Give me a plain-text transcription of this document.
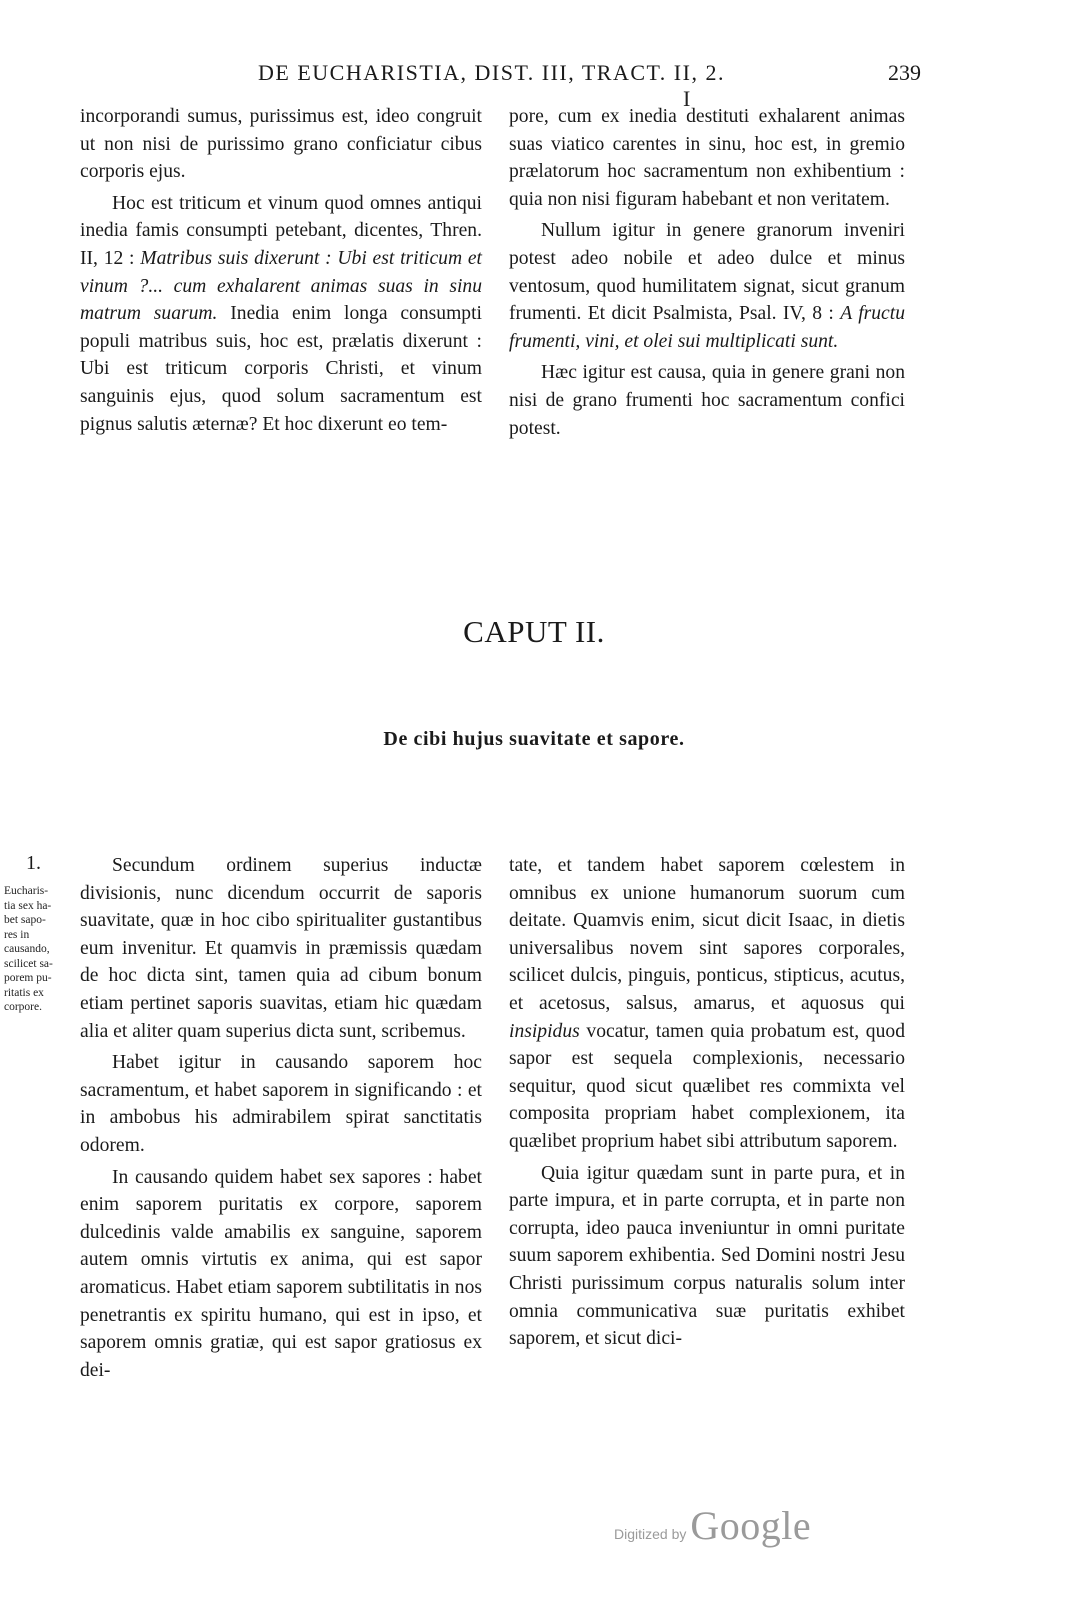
DE EUCHARISTIA, DIST. III, TRACT. II, 2.
I
239

incorporandi sumus, purissimus est, ideo congruit ut non nisi de purissimo grano conficiatur cibus corporis ejus.

Hoc est triticum et vinum quod omnes antiqui inedia famis consumpti petebant, dicentes, Thren. II, 12 : Matribus suis dixerunt : Ubi est triticum et vinum ?... cum exhalarent animas suas in sinu matrum suarum. Inedia enim longa consumpti populi matribus suis, hoc est, prælatis dixerunt : Ubi est triticum corporis Christi, et vinum sanguinis ejus, quod solum sacramentum est pignus salutis æternæ? Et hoc dixerunt eo tem-

pore, cum ex inedia destituti exhalarent animas suas viatico carentes in sinu, hoc est, in gremio prælatorum hoc sacramentum non exhibentium : quia non nisi figuram habebant et non veritatem.

Nullum igitur in genere granorum inveniri potest adeo nobile et adeo dulce et minus ventosum, quod humilitatem signat, sicut granum frumenti. Et dicit Psalmista, Psal. IV, 8 : A fructu frumenti, vini, et olei sui multiplicati sunt.

Hæc igitur est causa, quia in genere grani non nisi de grano frumenti hoc sacramentum confici potest.

CAPUT II.
De cibi hujus suavitate et sapore.
1.
Eucharis-
tia sex ha-
bet sapo-
res in
causando,
scilicet sa-
porem pu-
ritatis ex
corpore.

Secundum ordinem superius inductæ divisionis, nunc dicendum occurrit de saporis suavitate, quæ in hoc cibo spiritualiter gustantibus eum invenitur. Et quamvis in præmissis quædam de hoc dicta sint, tamen quia ad cibum bonum etiam pertinet saporis suavitas, etiam hic quædam alia et aliter quam superius dicta sunt, scribemus.

Habet igitur in causando saporem hoc sacramentum, et habet saporem in significando : et in ambobus his admirabilem spirat sanctitatis odorem.

In causando quidem habet sex sapores : habet enim saporem puritatis ex corpore, saporem dulcedinis valde amabilis ex sanguine, saporem autem omnis virtutis ex anima, qui est sapor aromaticus. Habet etiam saporem subtilitatis in nos penetrantis ex spiritu humano, qui est in ipso, et saporem omnis gratiæ, qui est sapor gratiosus ex dei-

tate, et tandem habet saporem cœlestem in omnibus ex unione humanorum suorum cum deitate. Quamvis enim, sicut dicit Isaac, in dietis universalibus novem sint sapores corporales, scilicet dulcis, pinguis, ponticus, stipticus, acutus, et acetosus, salsus, amarus, et aquosus qui insipidus vocatur, tamen quia probatum est, quod sapor est sequela complexionis, necessario sequitur, quod sicut quælibet res commixta vel composita propriam habet complexionem, ita quælibet proprium habet sibi attributum saporem.

Quia igitur quædam sunt in parte pura, et in parte impura, et in parte corrupta, et in parte non corrupta, ideo pauca inveniuntur in omni puritate suum saporem exhibentia. Sed Domini nostri Jesu Christi purissimum corpus naturalis solum inter omnia communicativa suæ puritatis exhibet saporem, et sicut dici-

Digitized by Google
